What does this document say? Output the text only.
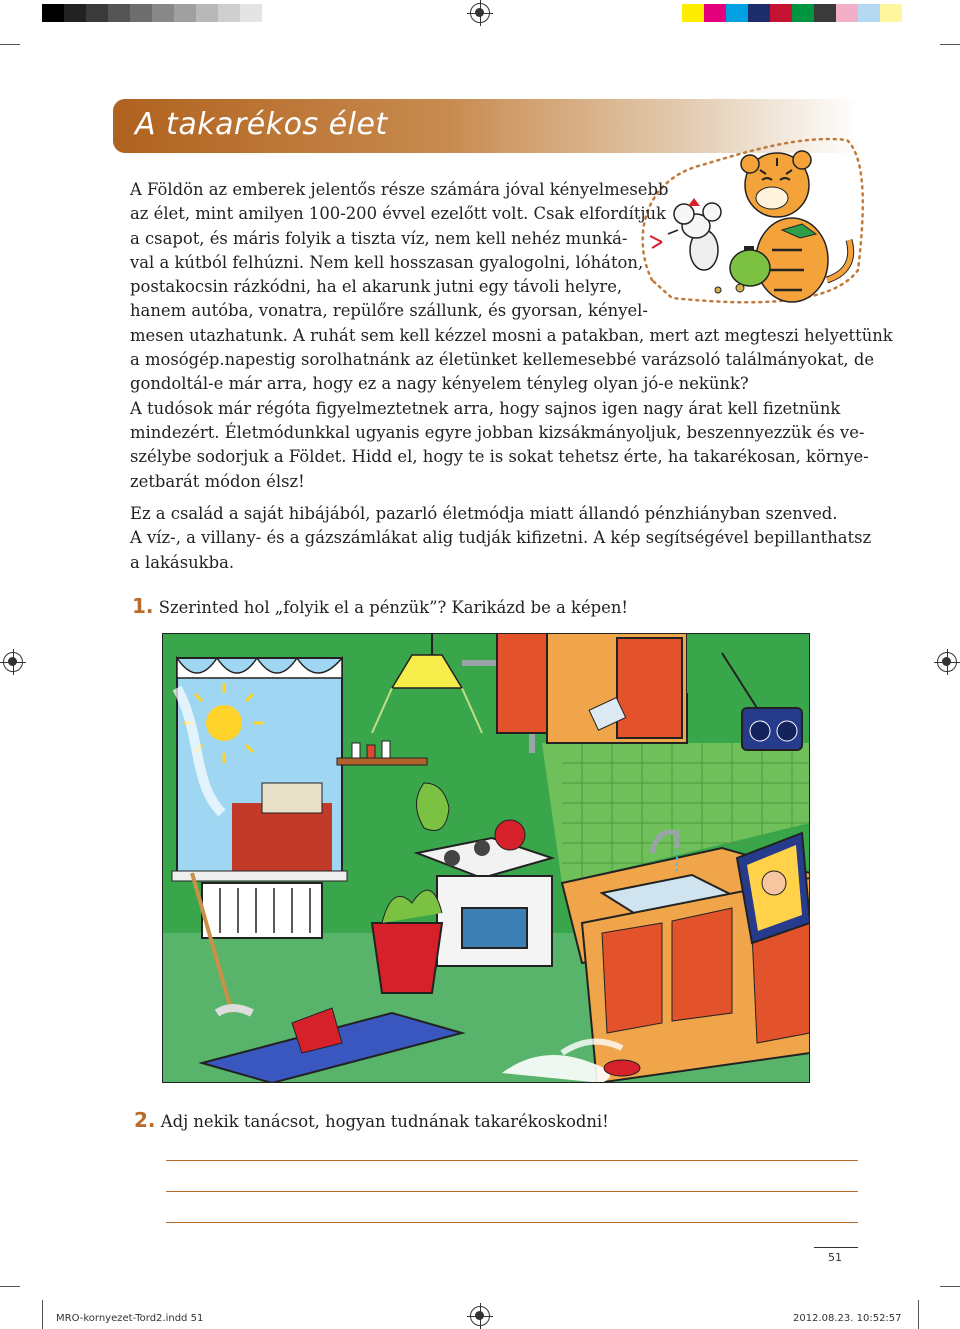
A takarékos élet
A Földön az emberek jelentős része számára jóval kényelmesebb
az élet, mint amilyen 100-200 évvel ezelőtt volt. Csak elfordítjuk
a csapot, és máris folyik a tiszta víz, nem kell nehéz munká-
val a kútból felhúzni. Nem kell hosszasan gyalogolni, lóháton,
postakocsin rázkódni, ha el akarunk jutni egy távoli helyre,
hanem autóba, vonatra, repülőre szállunk, és gyorsan, kényel-
mesen utazhatunk. A ruhát sem kell kézzel mosni a patakban, mert azt megteszi helyettünk
a mosógép.napestig sorolhatnánk az életünket kellemesebbé varázsoló találmányokat, de
gondoltál-e már arra, hogy ez a nagy kényelem tényleg olyan jó-e nekünk?
A tudósok már régóta figyelmeztetnek arra, hogy sajnos igen nagy árat kell fizetnünk
mindezért. Életmódunkkal ugyanis egyre jobban kizsákmányoljuk, beszennyezzük és ve-
szélybe sodorjuk a Földet. Hidd el, hogy te is sokat tehetsz érte, ha takarékosan, környe-
zetbarát módon élsz!
Ez a család a saját hibájából, pazarló életmódja miatt állandó pénzhiányban szenved.
A víz-, a villany- és a gázszámlákat alig tudják kifizetni. A kép segítségével bepillanthatsz
a lakásukba.
1. Szerinted hol „folyik el a pénzük”? Karikázd be a képen!
2. Adj nekik tanácsot, hogyan tudnának takarékoskodni!
51
MRO-kornyezet-Tord2.indd 51	2012.08.23. 10:52:57
